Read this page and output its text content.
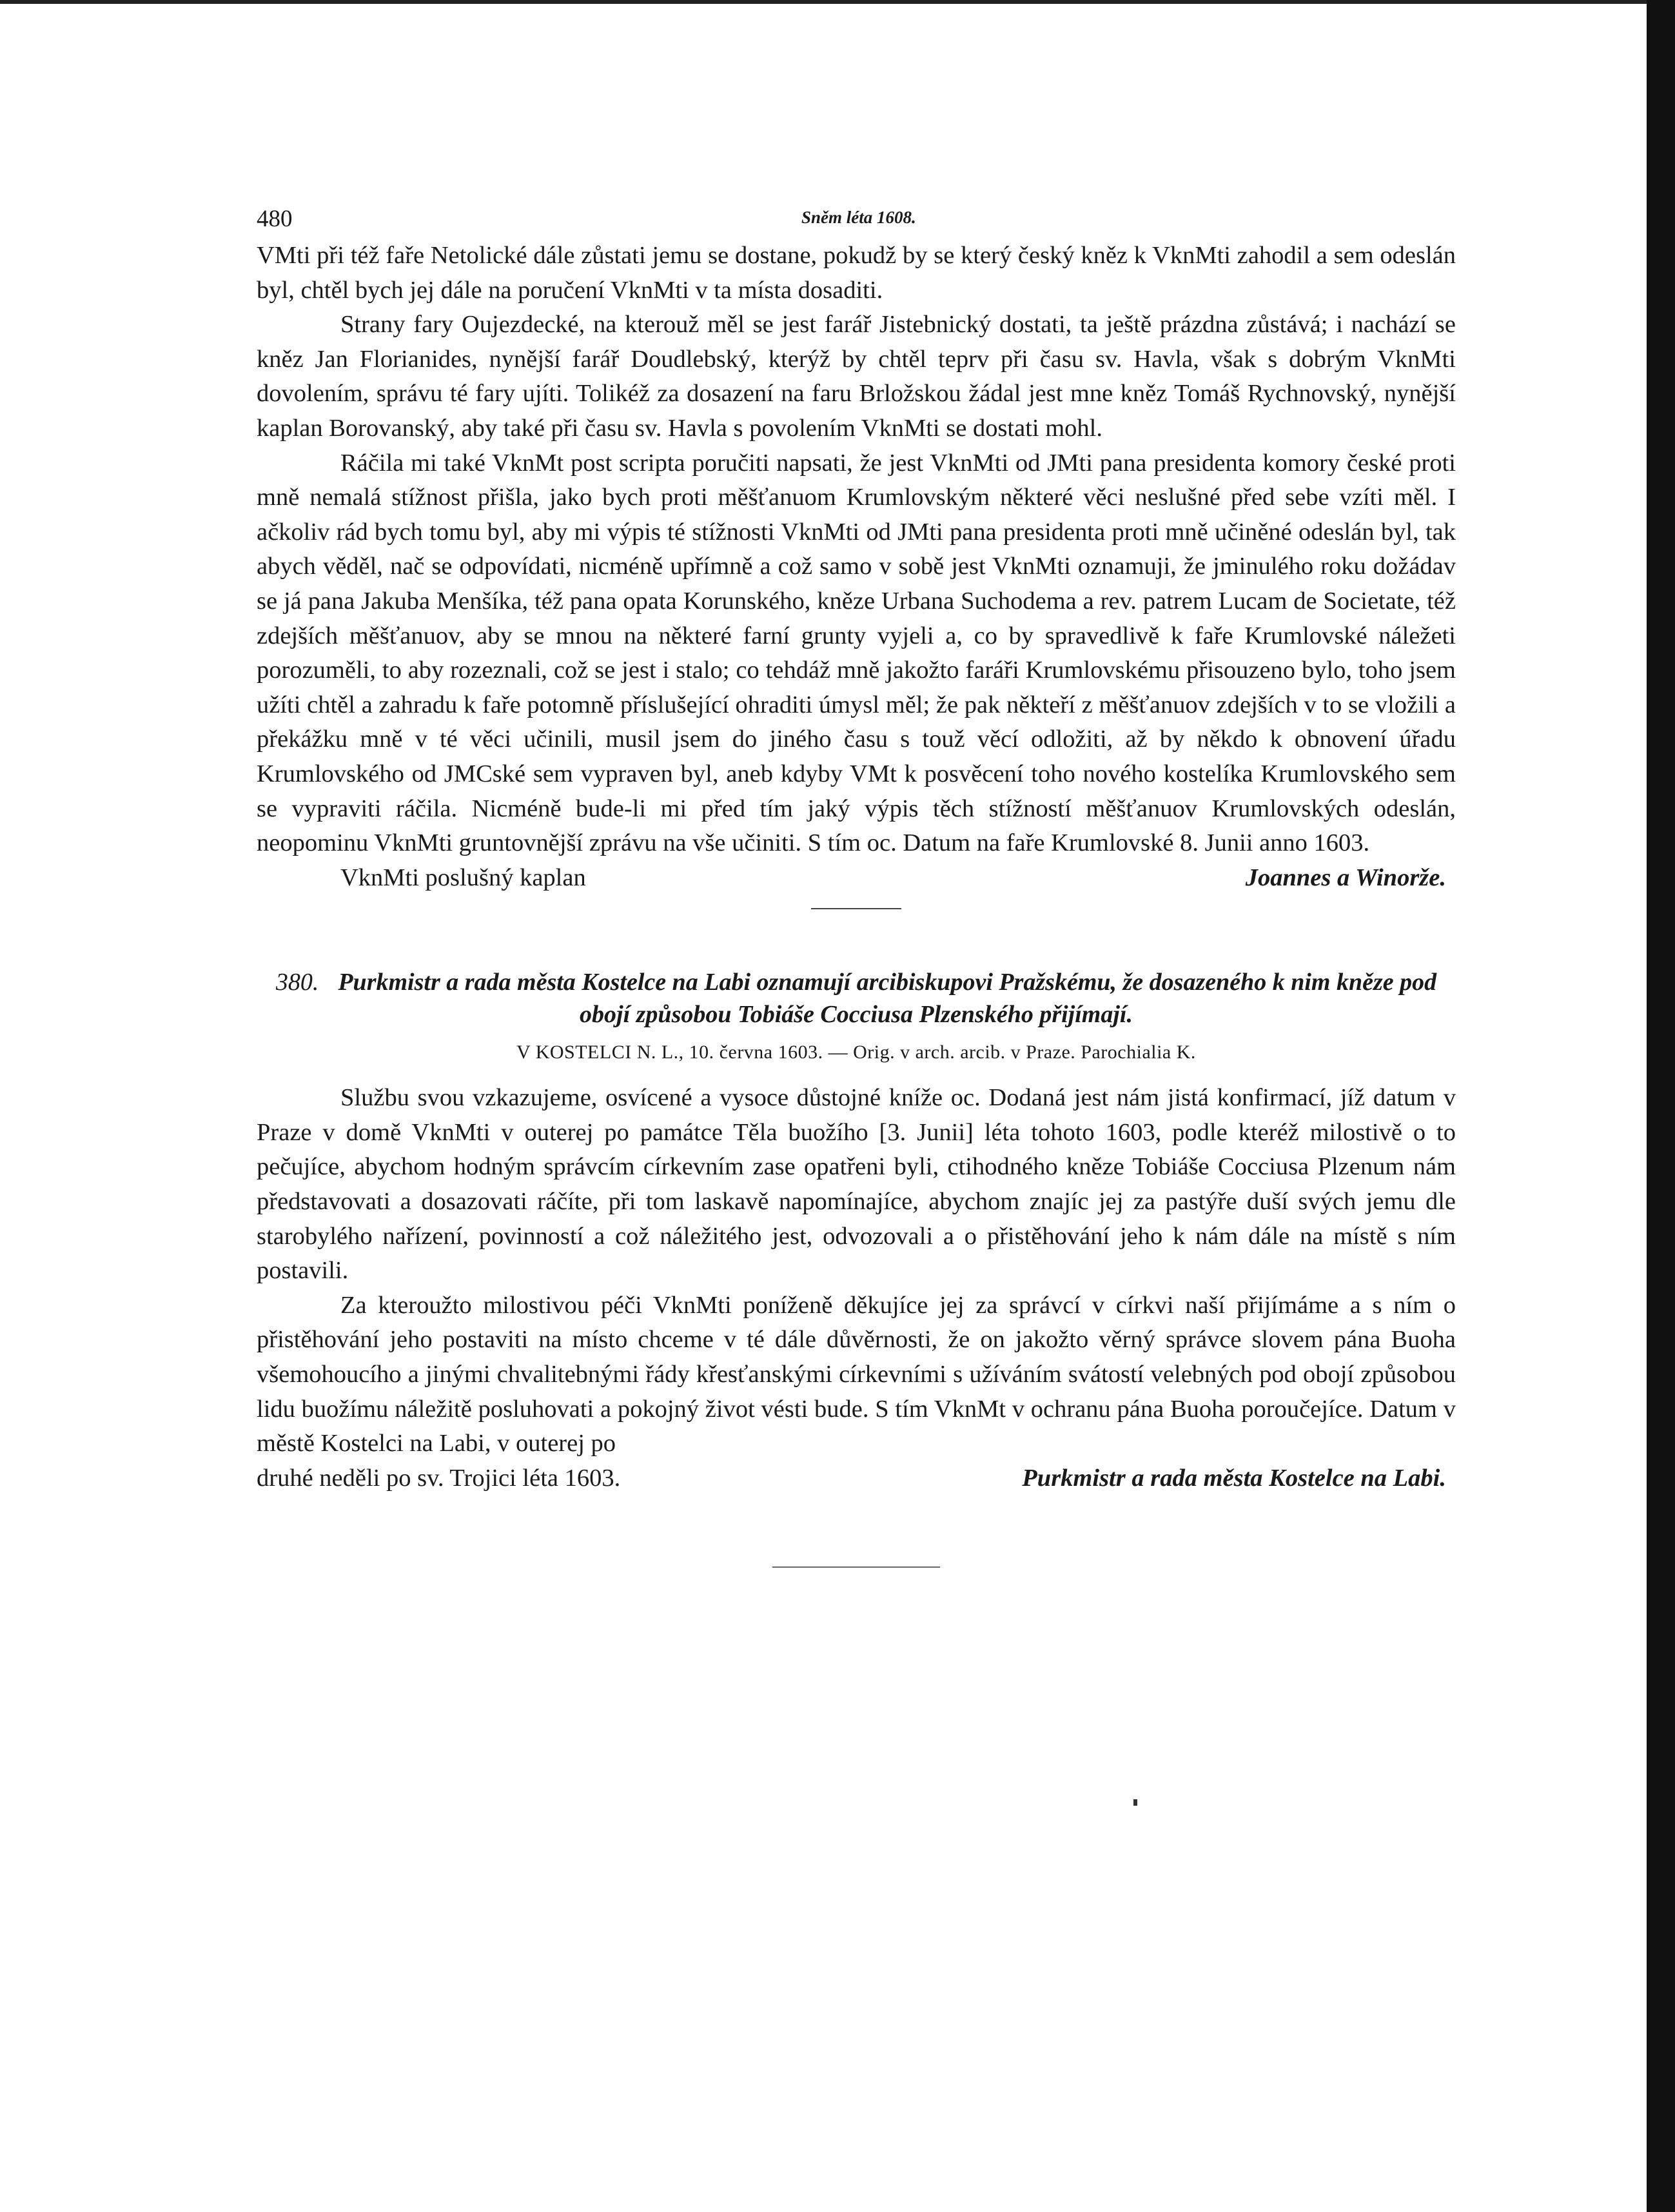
480	Sněm léta 1608.

VMti při též faře Netolické dále zůstati jemu se dostane, pokudž by se který český kněz k VknMti zahodil a sem odeslán byl, chtěl bych jej dále na poručení VknMti v ta místa dosaditi.

Strany fary Oujezdecké, na kterouž měl se jest farář Jistebnický dostati, ta ještě prázdna zůstává; i nachází se kněz Jan Florianides, nynější farář Doudlebský, kterýž by chtěl teprv při času sv. Havla, však s dobrým VknMti dovolením, správu té fary ujíti. Tolikéž za dosazení na faru Brložskou žádal jest mne kněz Tomáš Rychnovský, nynější kaplan Borovanský, aby také při času sv. Havla s povolením VknMti se dostati mohl.

Ráčila mi také VknMt post scripta poručiti napsati, že jest VknMti od JMti pana presidenta komory české proti mně nemalá stížnost přišla, jako bych proti měšťanuom Krumlovským některé věci neslušné před sebe vzíti měl. I ačkoliv rád bych tomu byl, aby mi výpis té stížnosti VknMti od JMti pana presidenta proti mně učiněné odeslán byl, tak abych věděl, nač se odpovídati, nicméně upřímně a což samo v sobě jest VknMti oznamuji, že jminulého roku dožádav se já pana Jakuba Menšíka, též pana opata Korunského, kněze Urbana Suchodema a rev. patrem Lucam de Societate, též zdejších měšťanuov, aby se mnou na některé farní grunty vyjeli a, co by spravedlivě k faře Krumlovské náležeti porozuměli, to aby rozeznali, což se jest i stalo; co tehdáž mně jakožto faráři Krumlovskému přisouzeno bylo, toho jsem užíti chtěl a zahradu k faře potomně příslušející ohraditi úmysl měl; že pak někteří z měšťanuov zdejších v to se vložili a překážku mně v té věci učinili, musil jsem do jiného času s touž věcí odložiti, až by někdo k obnovení úřadu Krumlovského od JMCské sem vypraven byl, aneb kdyby VMt k posvěcení toho nového kostelíka Krumlovského sem se vypraviti ráčila. Nicméně bude-li mi před tím jaký výpis těch stížností měšťanuov Krumlovských odeslán, neopominu VknMti gruntovnější zprávu na vše učiniti. S tím oc. Datum na faře Krumlovské 8. Junii anno 1603.

VknMti poslušný kaplan	Joannes a Winorže.
380. Purkmistr a rada města Kostelce na Labi oznamují arcibiskupovi Pražskému, že dosazeného k nim kněze pod obojí způsobou Tobiáše Cocciusa Plzenského přijímají.
V KOSTELCI N. L., 10. června 1603. — Orig. v arch. arcib. v Praze. Parochialia K.

Službu svou vzkazujeme, osvícené a vysoce důstojné kníže oc. Dodaná jest nám jistá konfirmací, jíž datum v Praze v domě VknMti v outerej po památce Těla buožího [3. Junii] léta tohoto 1603, podle kteréž milostivě o to pečujíce, abychom hodným správcím církevním zase opatřeni byli, ctihodného kněze Tobiáše Cocciusa Plzenum nám představovati a dosazovati ráčíte, při tom laskavě napomínajíce, abychom znajíc jej za pastýře duší svých jemu dle starobylého nařízení, povinností a což náležitého jest, odvozovali a o přistěhování jeho k nám dále na místě s ním postavili.

Za kteroužto milostivou péči VknMti poníženě děkujíce jej za správcí v církvi naší přijímáme a s ním o přistěhování jeho postaviti na místo chceme v té dále důvěrnosti, že on jakožto věrný správce slovem pána Buoha všemohoucího a jinými chvalitebnými řády křesťanskými církevními s užíváním svátostí velebných pod obojí způsobou lidu buožímu náležitě posluhovati a pokojný život vésti bude. S tím VknMt v ochranu pána Buoha poroučejíce. Datum v městě Kostelci na Labi, v outerej po

druhé neděli po sv. Trojici léta 1603.	Purkmistr a rada města Kostelce na Labi.
